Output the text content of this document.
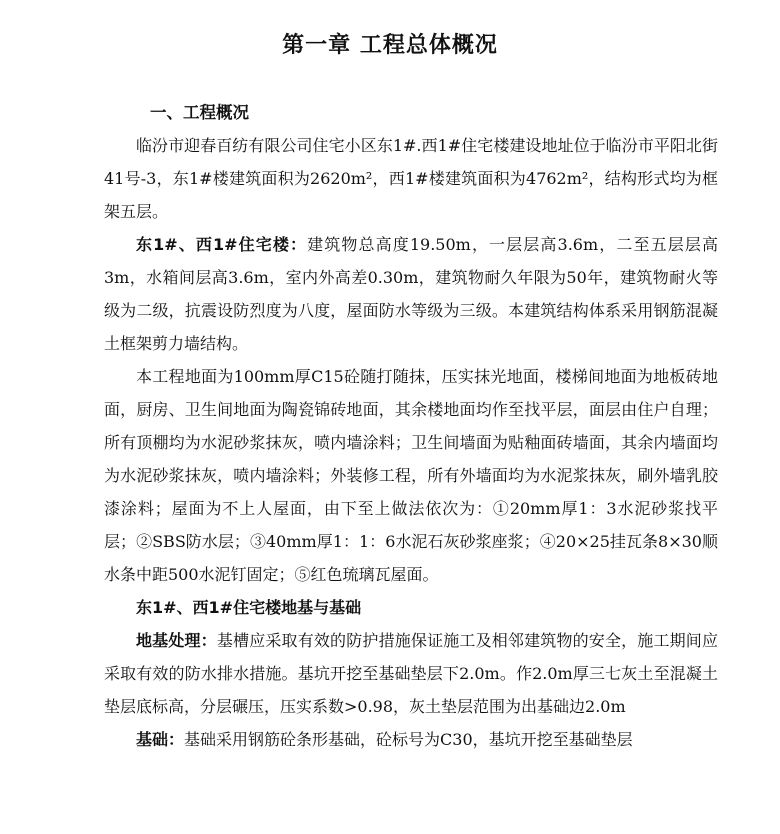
第一章 工程总体概况
一、工程概况

临汾市迎春百纺有限公司住宅小区东1#.西1#住宅楼建设地址位于临汾市平阳北街41号-3，东1#楼建筑面积为2620m²，西1#楼建筑面积为4762m²，结构形式均为框架五层。

东1#、西1#住宅楼：建筑物总高度19.50m，一层层高3.6m，二至五层层高3m，水箱间层高3.6m，室内外高差0.30m，建筑物耐久年限为50年，建筑物耐火等级为二级，抗震设防烈度为八度，屋面防水等级为三级。本建筑结构体系采用钢筋混凝土框架剪力墙结构。

本工程地面为100mm厚C15砼随打随抹，压实抹光地面，楼梯间地面为地板砖地面，厨房、卫生间地面为陶瓷锦砖地面，其余楼地面均作至找平层，面层由住户自理；所有顶棚均为水泥砂浆抹灰，喷内墙涂料；卫生间墙面为贴釉面砖墙面，其余内墙面均为水泥砂浆抹灰，喷内墙涂料；外装修工程，所有外墙面均为水泥浆抹灰，刷外墙乳胶漆涂料；屋面为不上人屋面，由下至上做法依次为：①20mm厚1：3水泥砂浆找平层；②SBS防水层；③40mm厚1：1：6水泥石灰砂浆座浆；④20×25挂瓦条8×30顺水条中距500水泥钉固定；⑤红色琉璃瓦屋面。

东1#、西1#住宅楼地基与基础

地基处理：基槽应采取有效的防护措施保证施工及相邻建筑物的安全，施工期间应采取有效的防水排水措施。基坑开挖至基础垫层下2.0m。作2.0m厚三七灰土至混凝土垫层底标高，分层碾压，压实系数>0.98，灰土垫层范围为出基础边2.0m

基础：基础采用钢筋砼条形基础，砼标号为C30，基坑开挖至基础垫层
